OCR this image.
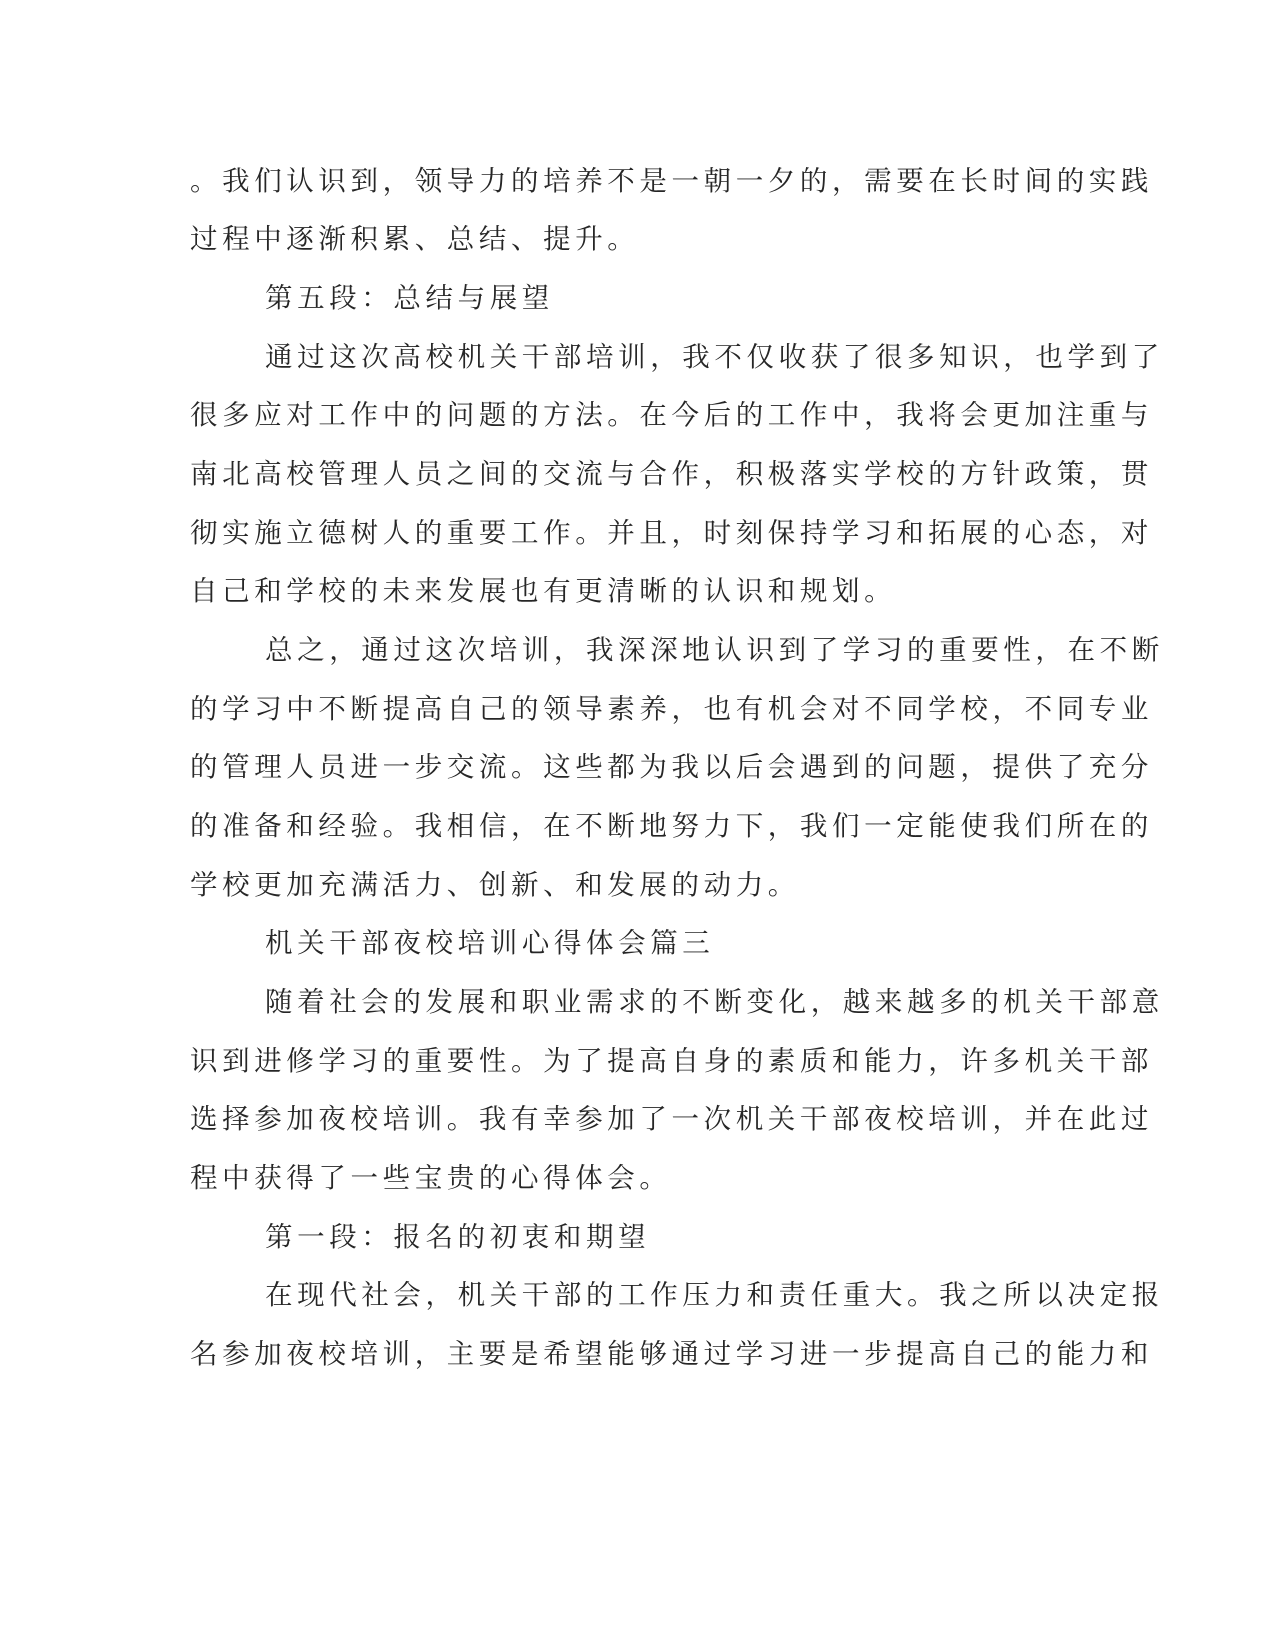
。我们认识到，领导力的培养不是一朝一夕的，需要在长时间的实践
过程中逐渐积累、总结、提升。
第五段：总结与展望
通过这次高校机关干部培训，我不仅收获了很多知识，也学到了
很多应对工作中的问题的方法。在今后的工作中，我将会更加注重与
南北高校管理人员之间的交流与合作，积极落实学校的方针政策，贯
彻实施立德树人的重要工作。并且，时刻保持学习和拓展的心态，对
自己和学校的未来发展也有更清晰的认识和规划。
总之，通过这次培训，我深深地认识到了学习的重要性，在不断
的学习中不断提高自己的领导素养，也有机会对不同学校，不同专业
的管理人员进一步交流。这些都为我以后会遇到的问题，提供了充分
的准备和经验。我相信，在不断地努力下，我们一定能使我们所在的
学校更加充满活力、创新、和发展的动力。
机关干部夜校培训心得体会篇三
随着社会的发展和职业需求的不断变化，越来越多的机关干部意
识到进修学习的重要性。为了提高自身的素质和能力，许多机关干部
选择参加夜校培训。我有幸参加了一次机关干部夜校培训，并在此过
程中获得了一些宝贵的心得体会。
第一段：报名的初衷和期望
在现代社会，机关干部的工作压力和责任重大。我之所以决定报
名参加夜校培训，主要是希望能够通过学习进一步提高自己的能力和
